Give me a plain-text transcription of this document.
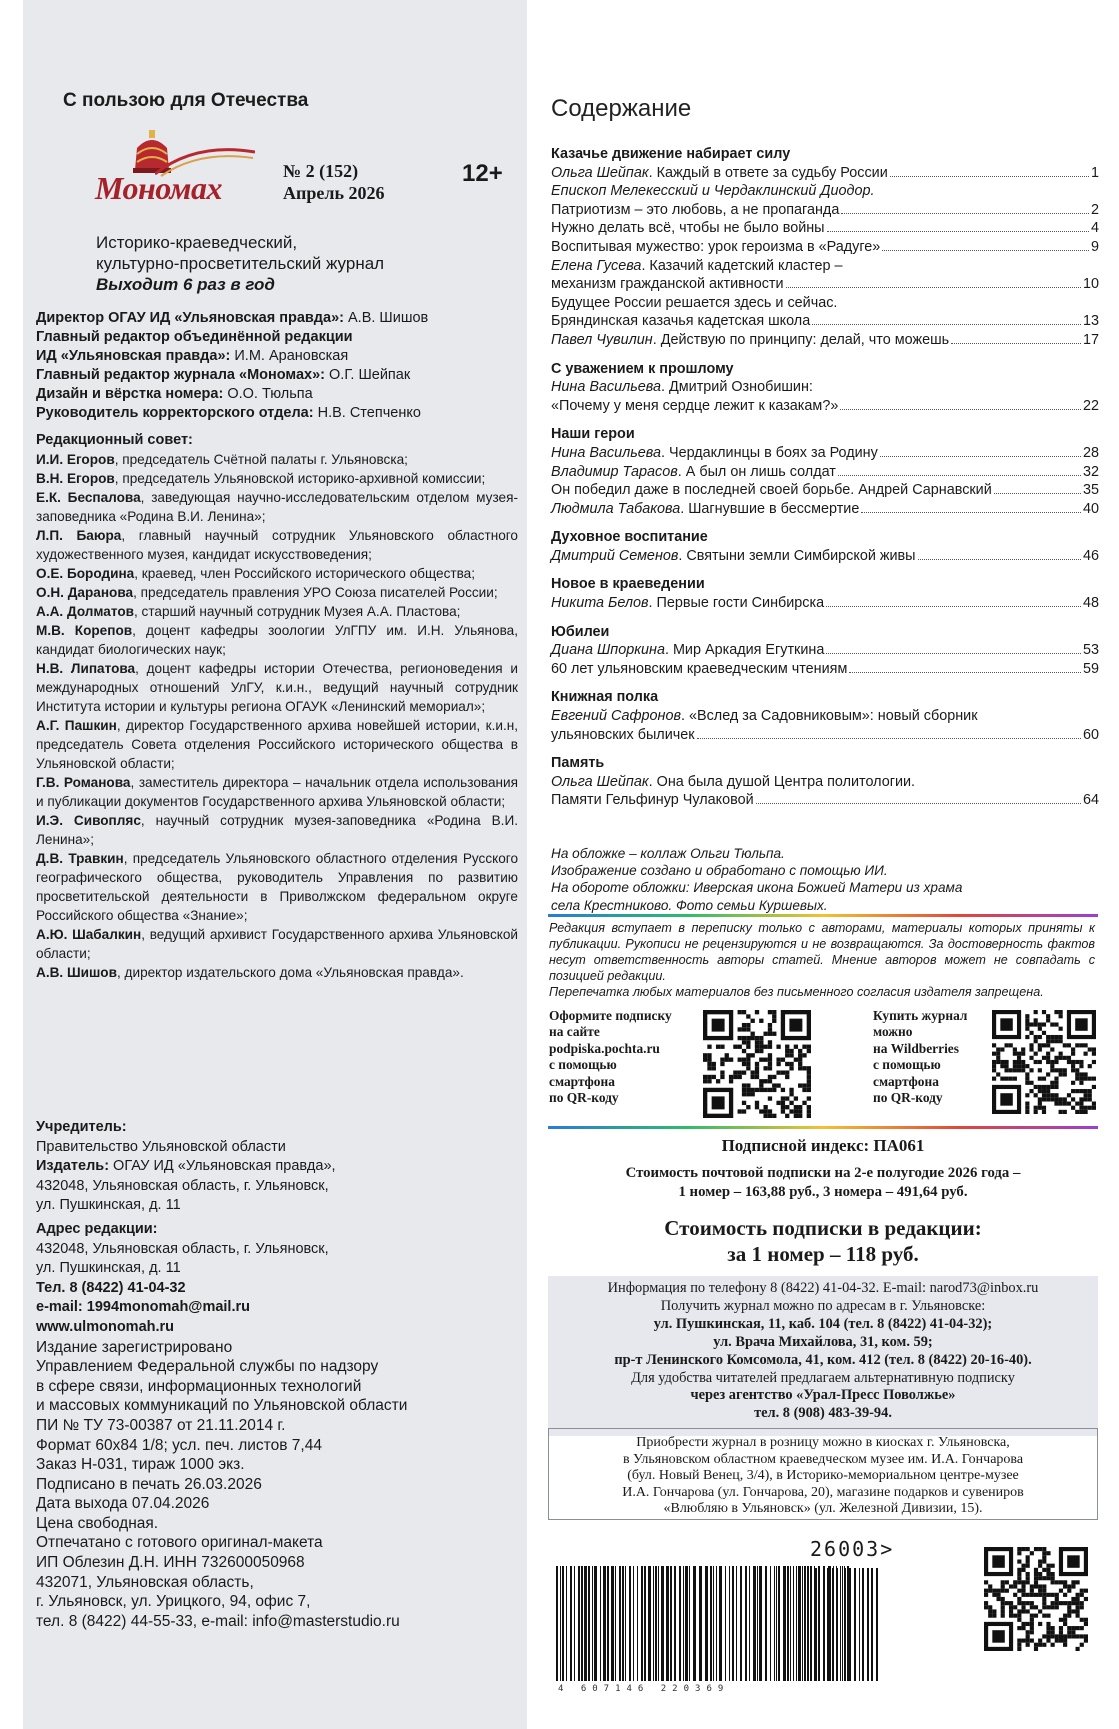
С пользою для Отечества
Мономах	№ 2 (152)
Апрель 2026
12+
Историко-краеведческий,
культурно-просветительский журнал
Выходит 6 раз в год
Директор ОГАУ ИД «Ульяновская правда»: А.В. Шишов
Главный редактор объединённой редакции
ИД «Ульяновская правда»: И.М. Арановская
Главный редактор журнала «Мономах»: О.Г. Шейпак
Дизайн и вёрстка номера: О.О. Тюльпа
Руководитель корректорского отдела: Н.В. Степченко
Редакционный совет:
И.И. Егоров, председатель Счётной палаты г. Ульяновска;
В.Н. Егоров, председатель Ульяновской историко-архивной комиссии;
Е.К. Беспалова, заведующая научно-исследовательским отделом музея-заповедника «Родина В.И. Ленина»;
Л.П. Баюра, главный научный сотрудник Ульяновского областного художественного музея, кандидат искусствоведения;
О.Е. Бородина, краевед, член Российского исторического общества;
О.Н. Даранова, председатель правления УРО Союза писателей России;
А.А. Долматов, старший научный сотрудник Музея А.А. Пластова;
М.В. Корепов, доцент кафедры зоологии УлГПУ им. И.Н. Ульянова, кандидат биологических наук;
Н.В. Липатова, доцент кафедры истории Отечества, регионоведения и международных отношений УлГУ, к.и.н., ведущий научный сотрудник Института истории и культуры региона ОГАУК «Ленинский мемориал»;
А.Г. Пашкин, директор Государственного архива новейшей истории, к.и.н, председатель Совета отделения Российского исторического общества в Ульяновской области;
Г.В. Романова, заместитель директора – начальник отдела использования и публикации документов Государственного архива Ульяновской области;
И.Э. Сивопляс, научный сотрудник музея-заповедника «Родина В.И. Ленина»;
Д.В. Травкин, председатель Ульяновского областного отделения Русского географического общества, руководитель Управления по развитию просветительской деятельности в Приволжском федеральном округе Российского общества «Знание»;
А.Ю. Шабалкин, ведущий архивист Государственного архива Ульяновской области;
А.В. Шишов, директор издательского дома «Ульяновская правда».
Учредитель:
Правительство Ульяновской области
Издатель: ОГАУ ИД «Ульяновская правда»,
432048, Ульяновская область, г. Ульяновск,
ул. Пушкинская, д. 11
Адрес редакции:
432048, Ульяновская область, г. Ульяновск,
ул. Пушкинская, д. 11
Тел. 8 (8422) 41-04-32
e-mail: 1994monomah@mail.ru
www.ulmonomah.ru
Издание зарегистрировано
Управлением Федеральной службы по надзору
в сфере связи, информационных технологий
и массовых коммуникаций по Ульяновской области
ПИ № ТУ 73-00387 от 21.11.2014 г.
Формат 60x84 1/8; усл. печ. листов 7,44
Заказ Н-031, тираж 1000 экз.
Подписано в печать 26.03.2026
Дата выхода 07.04.2026
Цена свободная.
Отпечатано с готового оригинал-макета
ИП Облезин Д.Н. ИНН 732600050968
432071, Ульяновская область,
г. Ульяновск, ул. Урицкого, 94, офис 7,
тел. 8 (8422) 44-55-33, e-mail: info@masterstudio.ru
Содержание
Казачье движение набирает силу
Ольга Шейпак. Каждый в ответе за судьбу России	1
Епископ Мелекесский и Чердаклинский Диодор.
Патриотизм – это любовь, а не пропаганда	2
Нужно делать всё, чтобы не было войны	4
Воспитывая мужество: урок героизма в «Радуге»	9
Елена Гусева. Казачий кадетский кластер –
механизм гражданской активности	10
Будущее России решается здесь и сейчас.
Бряндинская казачья кадетская школа	13
Павел Чувилин. Действую по принципу: делай, что можешь	17
С уважением к прошлому
Нина Васильева. Дмитрий Ознобишин:
«Почему у меня сердце лежит к казакам?»	22
Наши герои
Нина Васильева. Чердаклинцы в боях за Родину	28
Владимир Тарасов. А был он лишь солдат	32
Он победил даже в последней своей борьбе. Андрей Сарнавский	35
Людмила Табакова. Шагнувшие в бессмертие	40
Духовное воспитание
Дмитрий Семенов. Святыни земли Симбирской живы	46
Новое в краеведении
Никита Белов. Первые гости Синбирска	48
Юбилеи
Диана Шпоркина. Мир Аркадия Егуткина	53
60 лет ульяновским краеведческим чтениям	59
Книжная полка
Евгений Сафронов. «Вслед за Садовниковым»: новый сборник
ульяновских быличек	60
Память
Ольга Шейпак. Она была душой Центра политологии.
Памяти Гельфинур Чулаковой	64
На обложке – коллаж Ольги Тюльпа.
Изображение создано и обработано с помощью ИИ.
На обороте обложки: Иверская икона Божией Матери из храма
села Крестниково. Фото семьи Куршевых.
Редакция вступает в переписку только с авторами, материалы которых приняты к публикации. Рукописи не рецензируются и не возвращаются. За достоверность фактов несут ответственность авторы статей. Мнение авторов может не совпадать с позицией редакции.
Перепечатка любых материалов без письменного согласия издателя запрещена.
Оформите подписку
на сайте
podpiska.pochta.ru
с помощью
смартфона
по QR-коду
Купить журнал
можно
на Wildberries
с помощью
смартфона
по QR-коду
Подписной индекс: ПА061
Стоимость почтовой подписки на 2-е полугодие 2026 года –
1 номер – 163,88 руб., 3 номера – 491,64 руб.
Стоимость подписки в редакции:
за 1 номер – 118 руб.
Информация по телефону 8 (8422) 41-04-32. E-mail: narod73@inbox.ru
Получить журнал можно по адресам в г. Ульяновске:
ул. Пушкинская, 11, каб. 104 (тел. 8 (8422) 41-04-32);
ул. Врача Михайлова, 31, ком. 59;
пр-т Ленинского Комсомола, 41, ком. 412 (тел. 8 (8422) 20-16-40).
Для удобства читателей предлагаем альтернативную подписку
через агентство «Урал-Пресс Поволжье»
тел. 8 (908) 483-39-94.
Приобрести журнал в розницу можно в киосках г. Ульяновска,
в Ульяновском областном краеведческом музее им. И.А. Гончарова
(бул. Новый Венец, 3/4), в Историко-мемориальном центре-музее
И.А. Гончарова (ул. Гончарова, 20), магазине подарков и сувениров
«Влюбляю в Ульяновск» (ул. Железной Дивизии, 15).
26003>
4 607146 220369
